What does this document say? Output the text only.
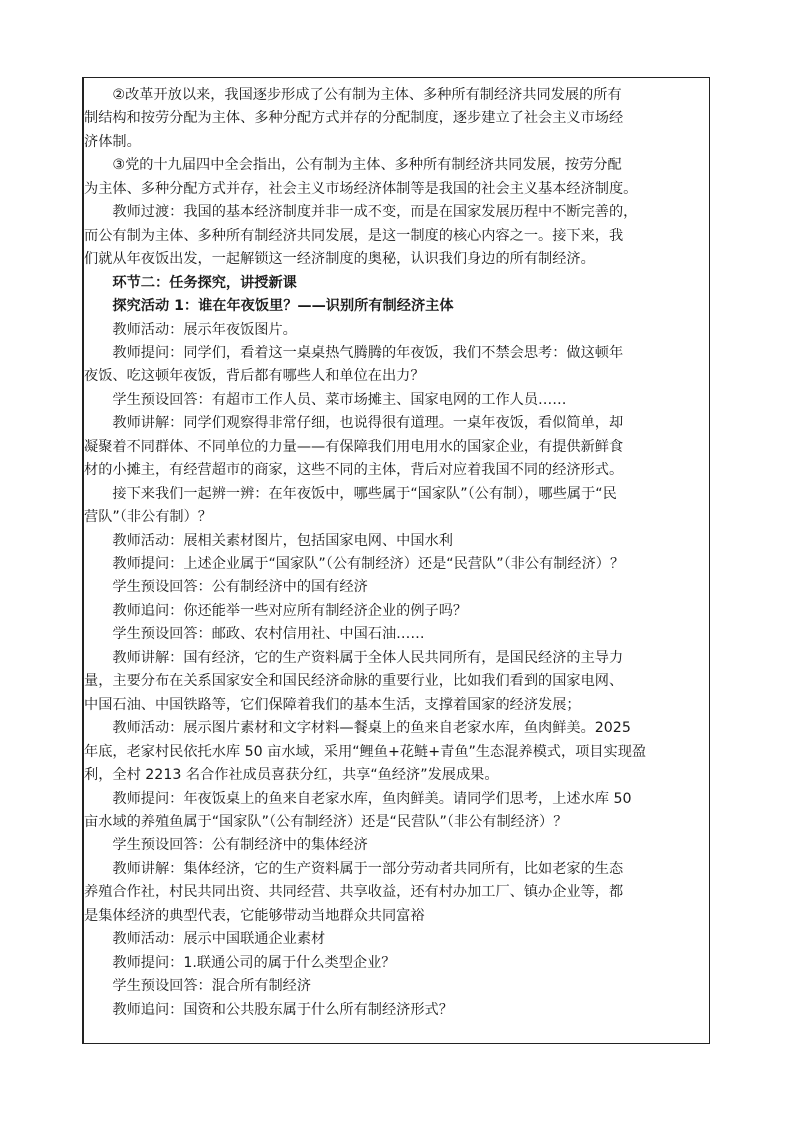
　　②改革开放以来，我国逐步形成了公有制为主体、多种所有制经济共同发展的所有
制结构和按劳分配为主体、多种分配方式并存的分配制度，逐步建立了社会主义市场经
济体制。
　　③党的十九届四中全会指出，公有制为主体、多种所有制经济共同发展，按劳分配
为主体、多种分配方式并存，社会主义市场经济体制等是我国的社会主义基本经济制度。
　　教师过渡：我国的基本经济制度并非一成不变，而是在国家发展历程中不断完善的，
而公有制为主体、多种所有制经济共同发展，是这一制度的核心内容之一。接下来，我
们就从年夜饭出发，一起解锁这一经济制度的奥秘，认识我们身边的所有制经济。
　　环节二：任务探究，讲授新课
　　探究活动 1：谁在年夜饭里？——识别所有制经济主体
　　教师活动：展示年夜饭图片。
　　教师提问：同学们，看着这一桌桌热气腾腾的年夜饭，我们不禁会思考：做这顿年
夜饭、吃这顿年夜饭，背后都有哪些人和单位在出力？
　　学生预设回答：有超市工作人员、菜市场摊主、国家电网的工作人员……
　　教师讲解：同学们观察得非常仔细，也说得很有道理。一桌年夜饭，看似简单，却
凝聚着不同群体、不同单位的力量——有保障我们用电用水的国家企业，有提供新鲜食
材的小摊主，有经营超市的商家，这些不同的主体，背后对应着我国不同的经济形式。
　　接下来我们一起辨一辨：在年夜饭中，哪些属于“国家队”（公有制），哪些属于“民
营队”（非公有制）？
　　教师活动：展相关素材图片，包括国家电网、中国水利
　　教师提问：上述企业属于“国家队”（公有制经济）还是“民营队”（非公有制经济）？
　　学生预设回答：公有制经济中的国有经济
　　教师追问：你还能举一些对应所有制经济企业的例子吗？
　　学生预设回答：邮政、农村信用社、中国石油……
　　教师讲解：国有经济，它的生产资料属于全体人民共同所有，是国民经济的主导力
量，主要分布在关系国家安全和国民经济命脉的重要行业，比如我们看到的国家电网、
中国石油、中国铁路等，它们保障着我们的基本生活，支撑着国家的经济发展；
　　教师活动：展示图片素材和文字材料—餐桌上的鱼来自老家水库，鱼肉鲜美。2025
年底，老家村民依托水库 50 亩水域，采用“鲤鱼+花鲢+青鱼”生态混养模式，项目实现盈
利，全村 2213 名合作社成员喜获分红，共享“鱼经济”发展成果。
　　教师提问：年夜饭桌上的鱼来自老家水库，鱼肉鲜美。请同学们思考，上述水库 50
亩水域的养殖鱼属于“国家队”（公有制经济）还是“民营队”（非公有制经济）？
　　学生预设回答：公有制经济中的集体经济
　　教师讲解：集体经济，它的生产资料属于一部分劳动者共同所有，比如老家的生态
养殖合作社，村民共同出资、共同经营、共享收益，还有村办加工厂、镇办企业等，都
是集体经济的典型代表，它能够带动当地群众共同富裕
　　教师活动：展示中国联通企业素材
　　教师提问：1.联通公司的属于什么类型企业？
　　学生预设回答：混合所有制经济
　　教师追问：国资和公共股东属于什么所有制经济形式？
